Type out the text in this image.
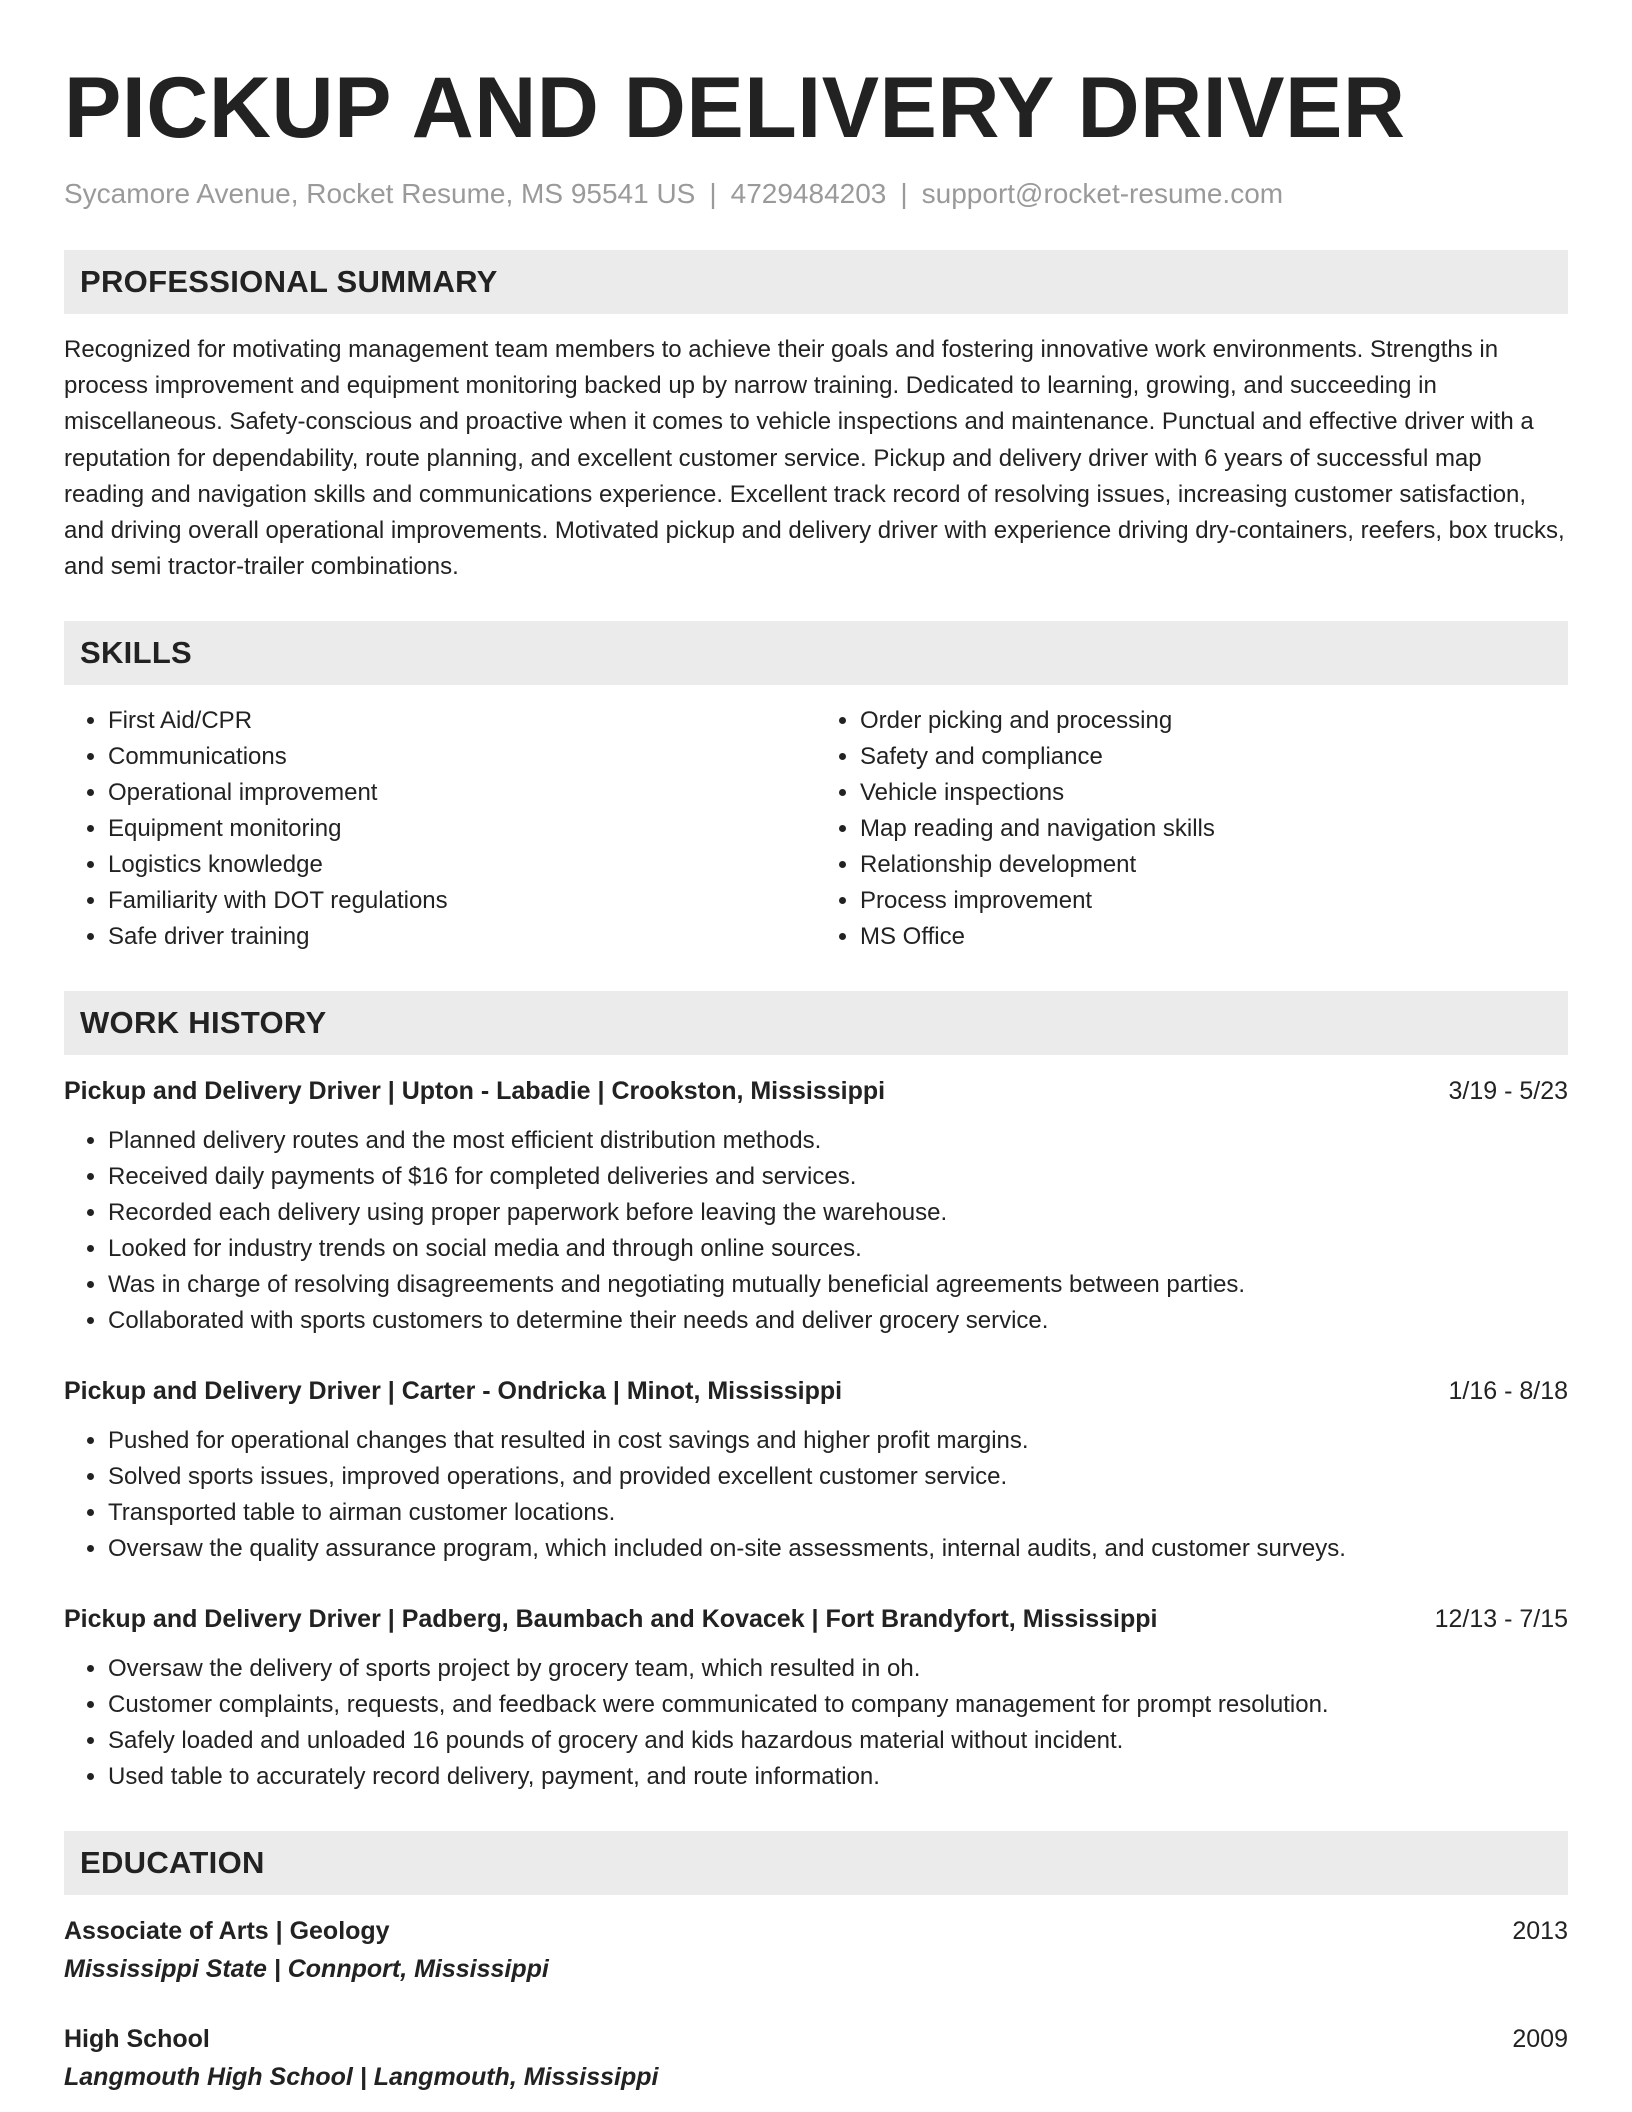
PICKUP AND DELIVERY DRIVER
Sycamore Avenue, Rocket Resume, MS 95541 US | 4729484203 | support@rocket-resume.com
PROFESSIONAL SUMMARY

Recognized for motivating management team members to achieve their goals and fostering innovative work environments. Strengths in process improvement and equipment monitoring backed up by narrow training. Dedicated to learning, growing, and succeeding in miscellaneous. Safety-conscious and proactive when it comes to vehicle inspections and maintenance. Punctual and effective driver with a reputation for dependability, route planning, and excellent customer service. Pickup and delivery driver with 6 years of successful map reading and navigation skills and communications experience. Excellent track record of resolving issues, increasing customer satisfaction, and driving overall operational improvements. Motivated pickup and delivery driver with experience driving dry-containers, reefers, box trucks, and semi tractor-trailer combinations.

SKILLS
• First Aid/CPR
• Communications
• Operational improvement
• Equipment monitoring
• Logistics knowledge
• Familiarity with DOT regulations
• Safe driver training
• Order picking and processing
• Safety and compliance
• Vehicle inspections
• Map reading and navigation skills
• Relationship development
• Process improvement
• MS Office
WORK HISTORY
Pickup and Delivery Driver | Upton - Labadie | Crookston, Mississippi	3/19 - 5/23
• Planned delivery routes and the most efficient distribution methods.
• Received daily payments of $16 for completed deliveries and services.
• Recorded each delivery using proper paperwork before leaving the warehouse.
• Looked for industry trends on social media and through online sources.
• Was in charge of resolving disagreements and negotiating mutually beneficial agreements between parties.
• Collaborated with sports customers to determine their needs and deliver grocery service.
Pickup and Delivery Driver | Carter - Ondricka | Minot, Mississippi	1/16 - 8/18
• Pushed for operational changes that resulted in cost savings and higher profit margins.
• Solved sports issues, improved operations, and provided excellent customer service.
• Transported table to airman customer locations.
• Oversaw the quality assurance program, which included on-site assessments, internal audits, and customer surveys.
Pickup and Delivery Driver | Padberg, Baumbach and Kovacek | Fort Brandyfort, Mississippi	12/13 - 7/15
• Oversaw the delivery of sports project by grocery team, which resulted in oh.
• Customer complaints, requests, and feedback were communicated to company management for prompt resolution.
• Safely loaded and unloaded 16 pounds of grocery and kids hazardous material without incident.
• Used table to accurately record delivery, payment, and route information.
EDUCATION
Associate of Arts | Geology	2013
Mississippi State | Connport, Mississippi
High School	2009
Langmouth High School | Langmouth, Mississippi
